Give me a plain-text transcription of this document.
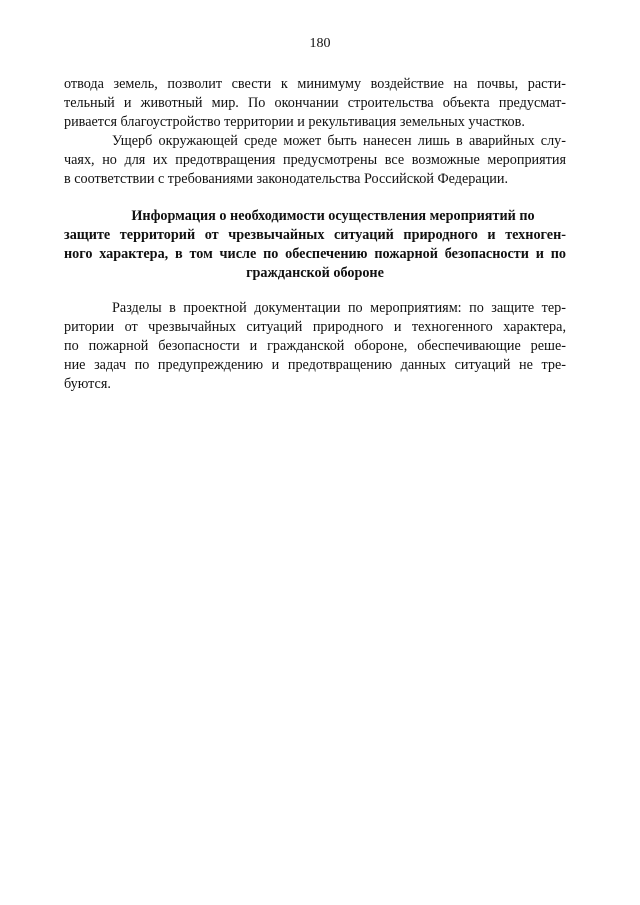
180
отвода земель, позволит свести к минимуму воздействие на почвы, расти-
тельный и животный мир. По окончании строительства объекта предусмат-
ривается благоустройство территории и рекультивация земельных участков.
Ущерб окружающей среде может быть нанесен лишь в аварийных слу-
чаях, но для их предотвращения предусмотрены все возможные мероприятия
в соответствии с требованиями законодательства Российской Федерации.
Информация о необходимости осуществления мероприятий по
защите территорий от чрезвычайных ситуаций природного и техноген-
ного характера, в том числе по обеспечению пожарной безопасности и по
гражданской обороне
Разделы в проектной документации по мероприятиям: по защите тер-
ритории от чрезвычайных ситуаций природного и техногенного характера,
по пожарной безопасности и гражданской обороне, обеспечивающие реше-
ние задач по предупреждению и предотвращению данных ситуаций не тре-
буются.
